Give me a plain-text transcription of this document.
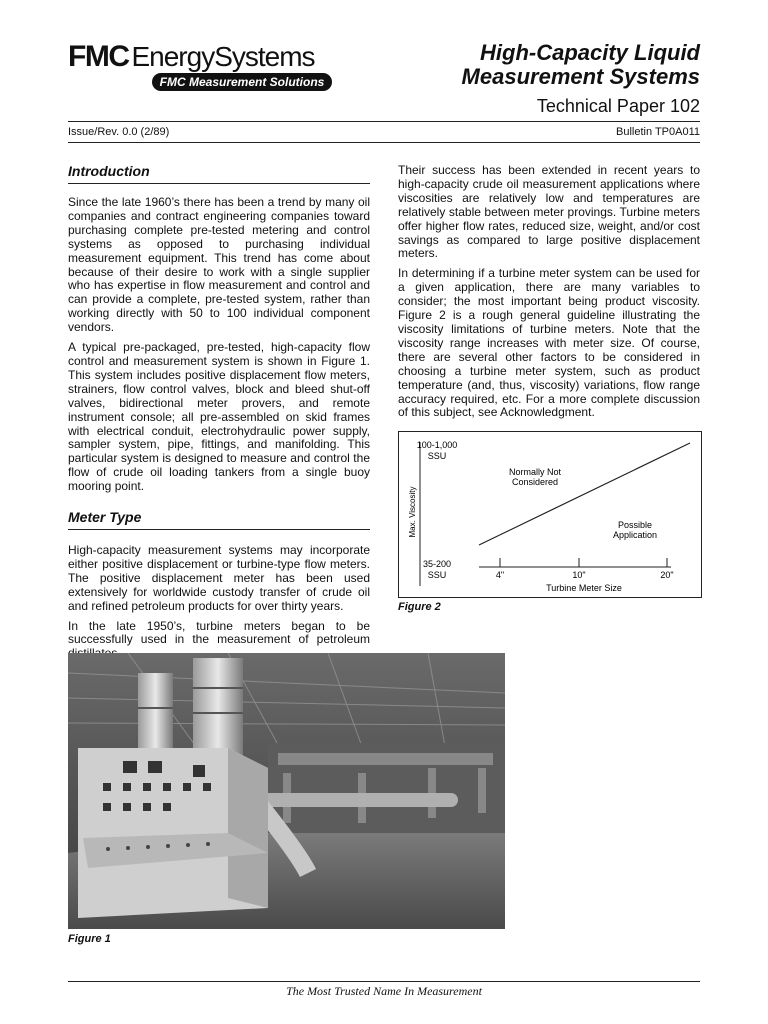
FMC EnergySystems
FMC Measurement Solutions
High-Capacity Liquid
Measurement Systems
Technical Paper 102
Issue/Rev. 0.0 (2/89)	Bulletin TP0A011
Introduction

Since the late 1960’s there has been a trend by many oil companies and contract engineering companies toward purchasing complete pre-tested metering and control systems as opposed to purchasing individual measurement equipment. This trend has come about because of their desire to work with a single supplier who has expertise in flow measurement and control and can provide a complete, pre-tested system, rather than working directly with 50 to 100 individual component vendors.

A typical pre-packaged, pre-tested, high-capacity flow control and measurement system is shown in Figure 1. This system includes positive displacement flow meters, strainers, flow control valves, block and bleed shut-off valves, bidirectional meter provers, and remote instrument console; all pre-assembled on skid frames with electrical conduit, electrohydraulic power supply, sampler system, pipe, fittings, and manifolding. This particular system is designed to measure and control the flow of crude oil loading tankers from a single buoy mooring point.

Meter Type

High-capacity measurement systems may incorporate either positive displacement or turbine-type flow meters. The positive displacement meter has been used extensively for worldwide custody transfer of crude oil and refined petroleum products for over thirty years.

In the late 1950’s, turbine meters began to be successfully used in the measurement of petroleum

Their success has been extended in recent years to high-capacity crude oil measurement applications where viscosities are relatively low and temperatures are relatively stable between meter provings. Turbine meters offer higher flow rates, reduced size, weight, and/or cost savings as compared to large positive displacement meters.

In determining if a turbine meter system can be used for a given application, there are many variables to consider; the most important being product viscosity. Figure 2 is a rough general guideline illustrating the viscosity limitations of turbine meters. Note that the viscosity range increases with meter size. Of course, there are several other factors to be considered in choosing a turbine meter system, such as product temperature (and, thus, viscosity) variations, flow range accuracy required, etc. For a more complete discussion of this subject, see Acknowledgment.

100-1,000
SSU
35-200
SSU
Max. Viscosity
4"	10"	20"
Turbine Meter Size
Normally Not
Considered
Possible
Application
Figure 2
Figure 1
The Most Trusted Name In Measurement
